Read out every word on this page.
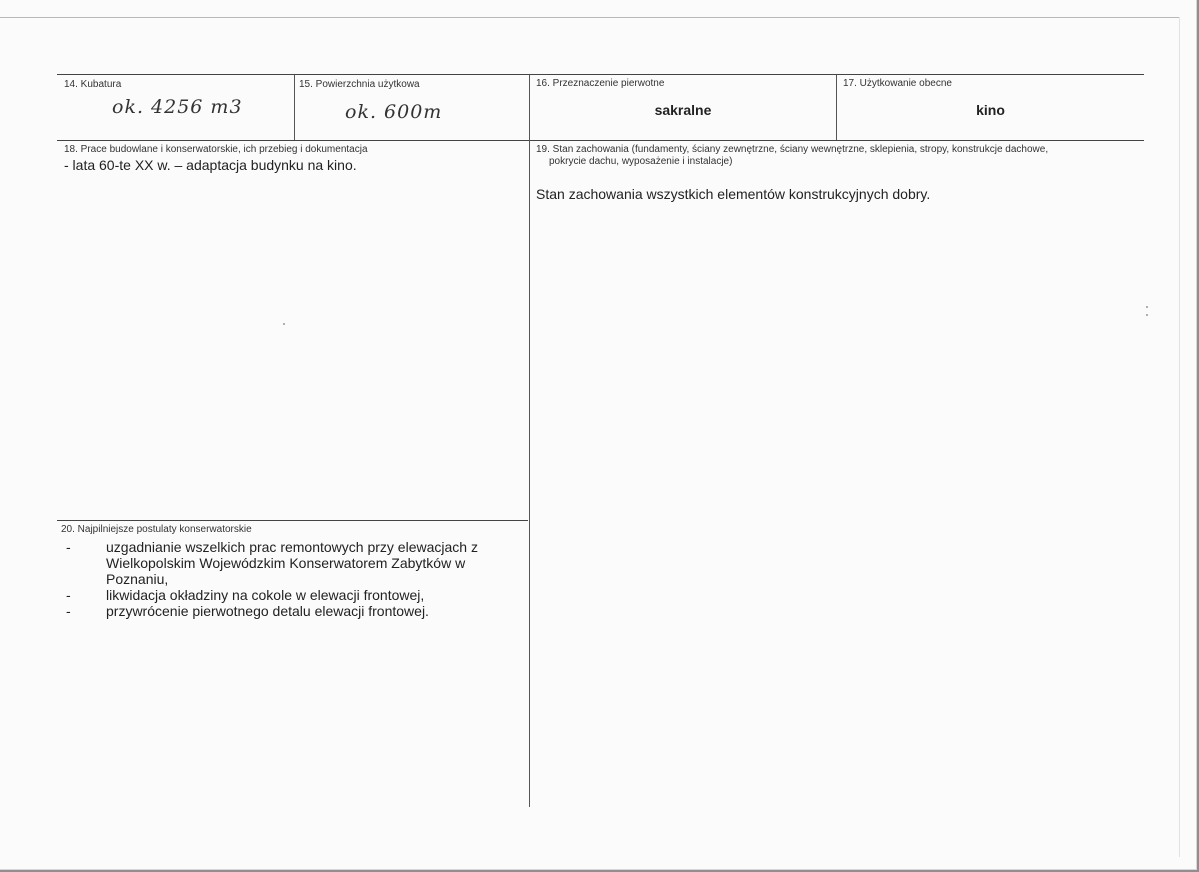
14. Kubatura

ok. 4256 m3

15. Powierzchnia użytkowa

ok. 600m

16. Przeznaczenie pierwotne

sakralne

17. Użytkowanie obecne

kino

18. Prace budowlane i konserwatorskie, ich przebieg i dokumentacja

- lata 60-te XX w. – adaptacja budynku na kino.

19. Stan zachowania (fundamenty, ściany zewnętrzne, ściany wewnętrzne, sklepienia, stropy, konstrukcje dachowe,

pokrycie dachu, wyposażenie i instalacje)

Stan zachowania wszystkich elementów konstrukcyjnych dobry.

20. Najpilniejsze postulaty konserwatorskie

-	uzgadnianie wszelkich prac remontowych przy elewacjach z
Wielkopolskim Wojewódzkim Konserwatorem Zabytków w Poznaniu,
-	likwidacja okładziny na cokole w elewacji frontowej,
-	przywrócenie pierwotnego detalu elewacji frontowej.
